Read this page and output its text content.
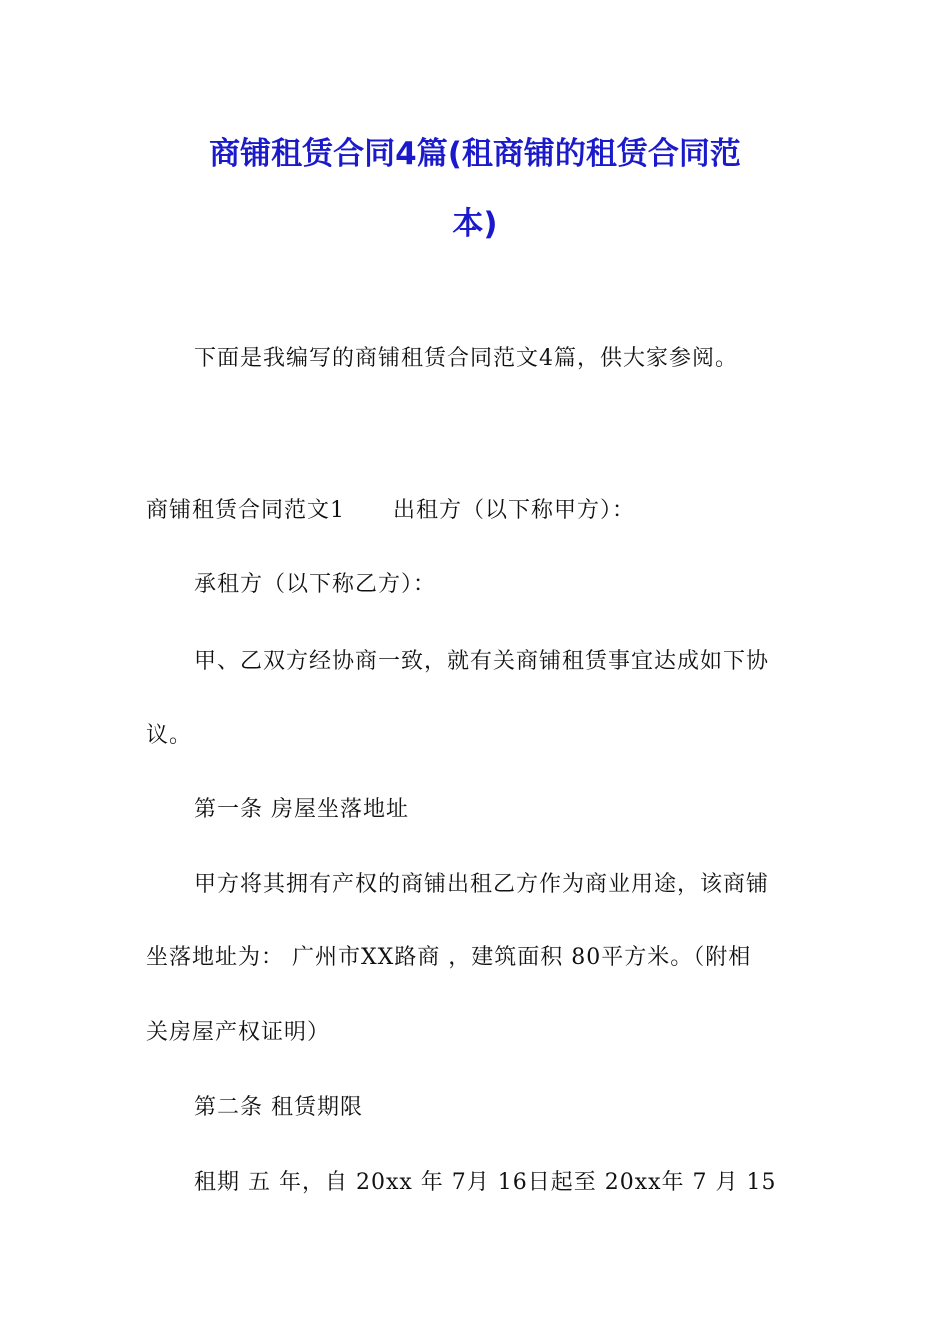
商铺租赁合同4篇(租商铺的租赁合同范
本)

下面是我编写的商铺租赁合同范文4篇，供大家参阅。

商铺租赁合同范文1 出租方（以下称甲方）：

承租方（以下称乙方）：

甲、乙双方经协商一致，就有关商铺租赁事宜达成如下协

议。

第一条 房屋坐落地址

甲方将其拥有产权的商铺出租乙方作为商业用途，该商铺

坐落地址为： 广州市XX路商 ，建筑面积 80平方米。（附相

关房屋产权证明）

第二条 租赁期限

租期 五 年，自 20xx 年 7月 16日起至 20xx年 7 月 15
